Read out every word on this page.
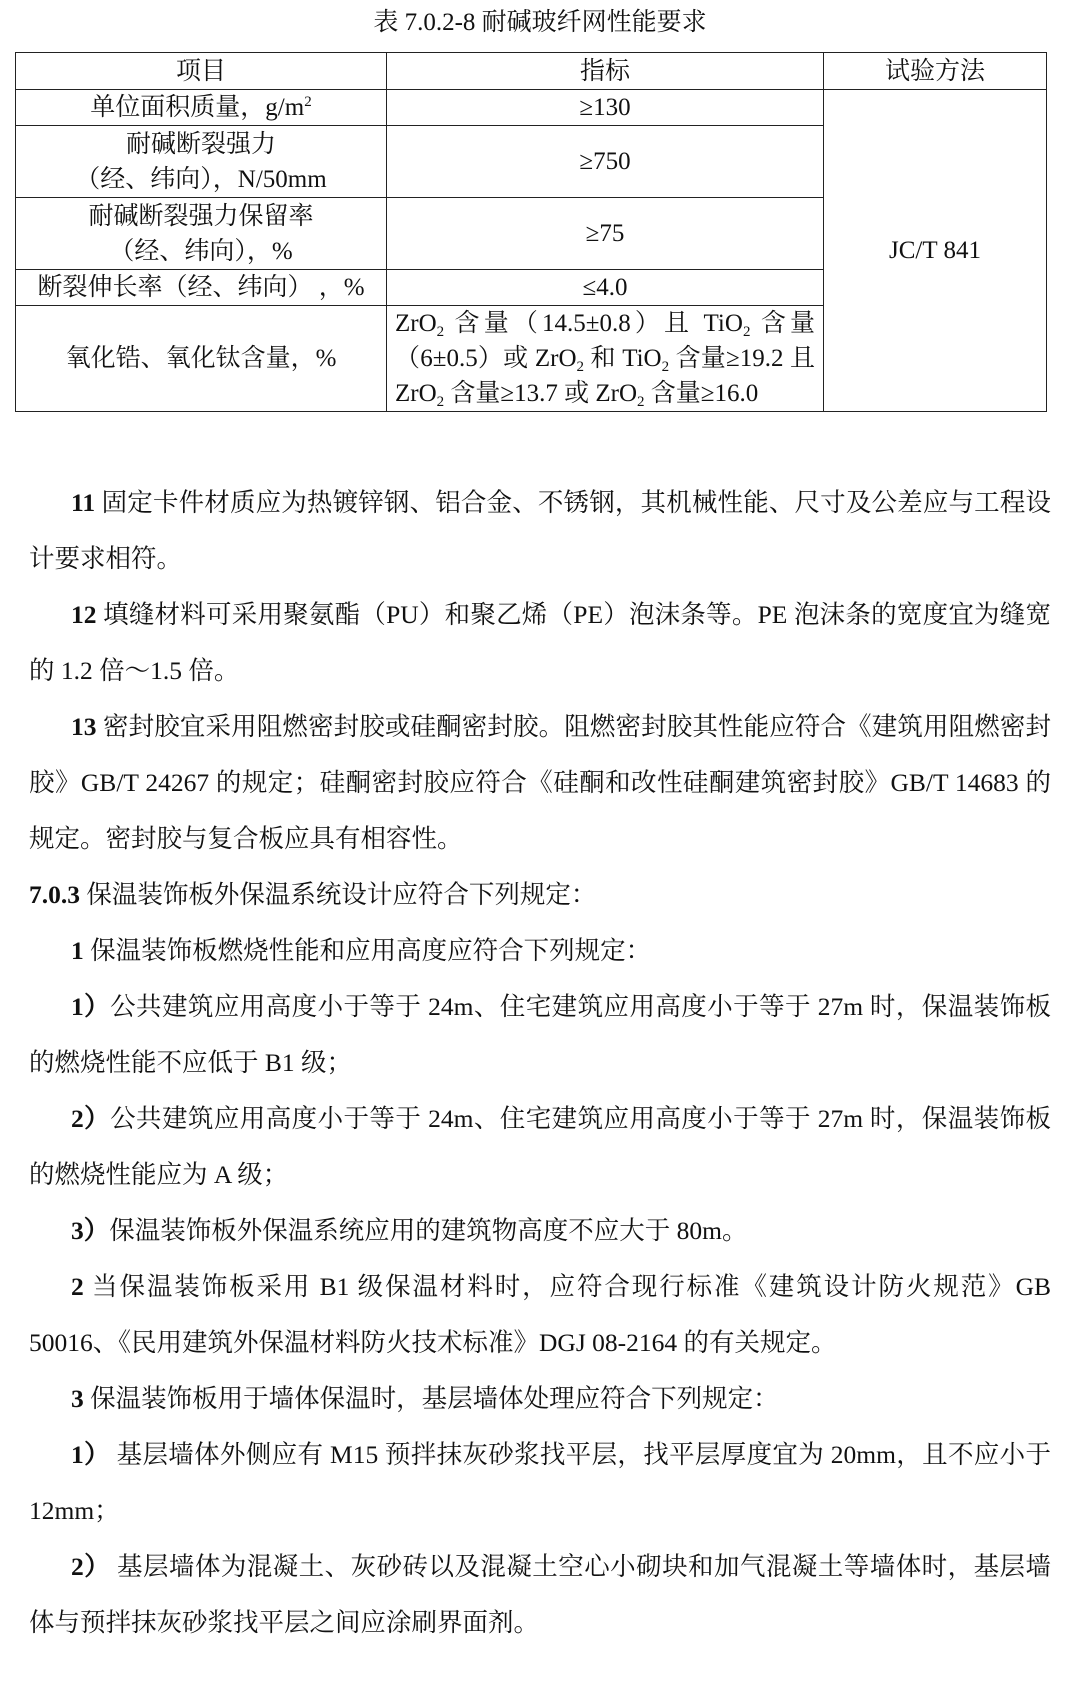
表 7.0.2-8 耐碱玻纤网性能要求
项目	指标	试验方法
单位面积质量，$g/m^2$	≥130	JC/T 841

耐碱断裂强力
（经、纬向），N/50mm	≥750	

耐碱断裂强力保留率
（经、纬向），%	≥75	
断裂伸长率（经、纬向） ，%	≤4.0	
氧化锆、氧化钛含量，%	ZrO$_2$ 含量（14.5±0.8）且 TiO$_2$ 含量
（6±0.5）或 ZrO$_2$ 和 TiO$_2$ 含量≥19.2 且
ZrO$_2$ 含量≥13.7 或 ZrO$_2$ 含量≥16.0	

11 固定卡件材质应为热镀锌钢、铝合金、不锈钢，其机械性能、尺寸及公差应与工程设计要求相符。

12 填缝材料可采用聚氨酯（PU）和聚乙烯（PE）泡沫条等。PE 泡沫条的宽度宜为缝宽的 1.2 倍～1.5 倍。

13 密封胶宜采用阻燃密封胶或硅酮密封胶。阻燃密封胶其性能应符合《建筑用阻燃密封胶》GB/T 24267 的规定；硅酮密封胶应符合《硅酮和改性硅酮建筑密封胶》GB/T 14683 的规定。密封胶与复合板应具有相容性。

7.0.3 保温装饰板外保温系统设计应符合下列规定：

1 保温装饰板燃烧性能和应用高度应符合下列规定：

1）公共建筑应用高度小于等于 24m、住宅建筑应用高度小于等于 27m 时，保温装饰板的燃烧性能不应低于 B1 级；

2）公共建筑应用高度小于等于 24m、住宅建筑应用高度小于等于 27m 时，保温装饰板的燃烧性能应为 A 级；

3）保温装饰板外保温系统应用的建筑物高度不应大于 80m。

2 当保温装饰板采用 B1 级保温材料时，应符合现行标准《建筑设计防火规范》GB 50016、《民用建筑外保温材料防火技术标准》DGJ 08-2164 的有关规定。

3 保温装饰板用于墙体保温时，基层墙体处理应符合下列规定：

1） 基层墙体外侧应有 M15 预拌抹灰砂浆找平层，找平层厚度宜为 20mm，且不应小于 12mm；

2） 基层墙体为混凝土、灰砂砖以及混凝土空心小砌块和加气混凝土等墙体时，基层墙体与预拌抹灰砂浆找平层之间应涂刷界面剂。
